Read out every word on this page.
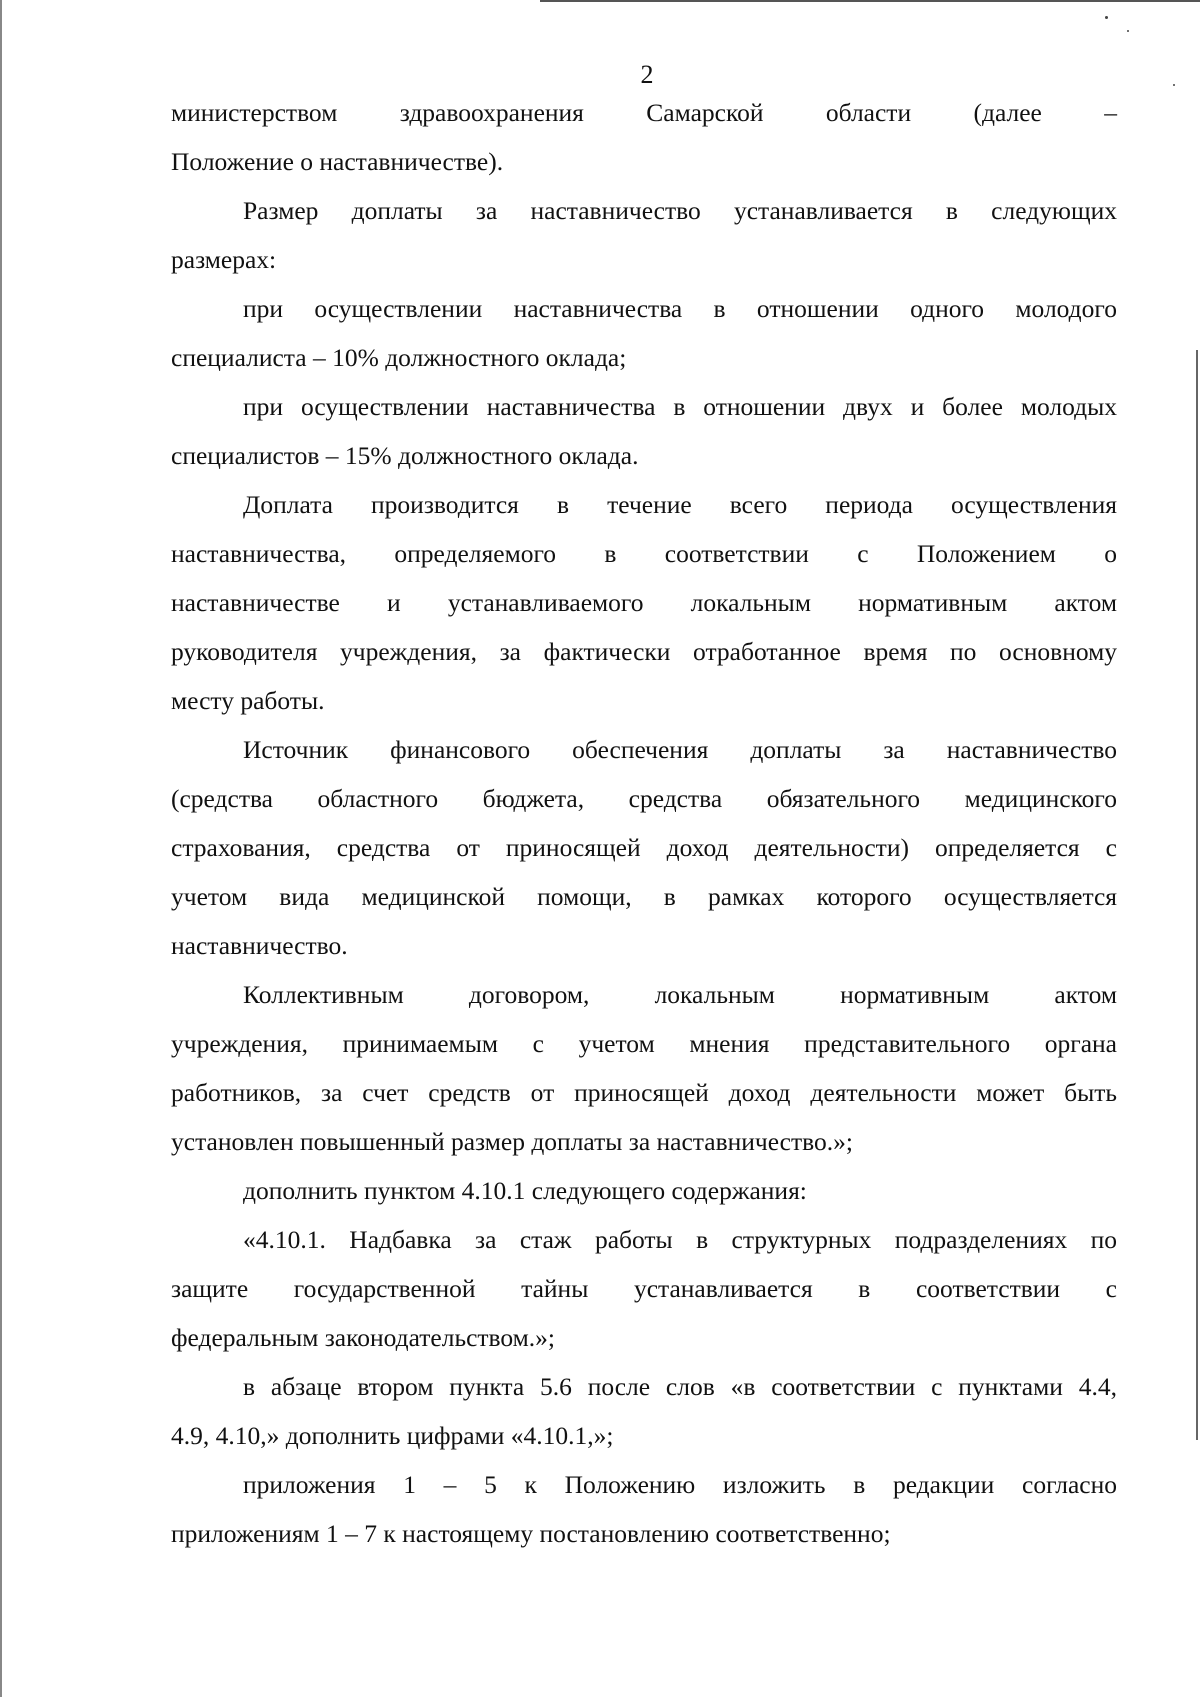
2
министерством здравоохранения Самарской области (далее –
Положение о наставничестве).
Размер доплаты за наставничество устанавливается в следующих
размерах:
при осуществлении наставничества в отношении одного молодого
специалиста – 10% должностного оклада;
при осуществлении наставничества в отношении двух и более молодых
специалистов – 15% должностного оклада.
Доплата производится в течение всего периода осуществления
наставничества, определяемого в соответствии с Положением о
наставничестве и устанавливаемого локальным нормативным актом
руководителя учреждения, за фактически отработанное время по основному
месту работы.
Источник финансового обеспечения доплаты за наставничество
(средства областного бюджета, средства обязательного медицинского
страхования, средства от приносящей доход деятельности) определяется с
учетом вида медицинской помощи, в рамках которого осуществляется
наставничество.
Коллективным договором, локальным нормативным актом
учреждения, принимаемым с учетом мнения представительного органа
работников, за счет средств от приносящей доход деятельности может быть
установлен повышенный размер доплаты за наставничество.»;
дополнить пунктом 4.10.1 следующего содержания:
«4.10.1. Надбавка за стаж работы в структурных подразделениях по
защите государственной тайны устанавливается в соответствии с
федеральным законодательством.»;
в абзаце втором пункта 5.6 после слов «в соответствии с пунктами 4.4,
4.9, 4.10,» дополнить цифрами «4.10.1,»;
приложения 1 – 5 к Положению изложить в редакции согласно
приложениям 1 – 7 к настоящему постановлению соответственно;
